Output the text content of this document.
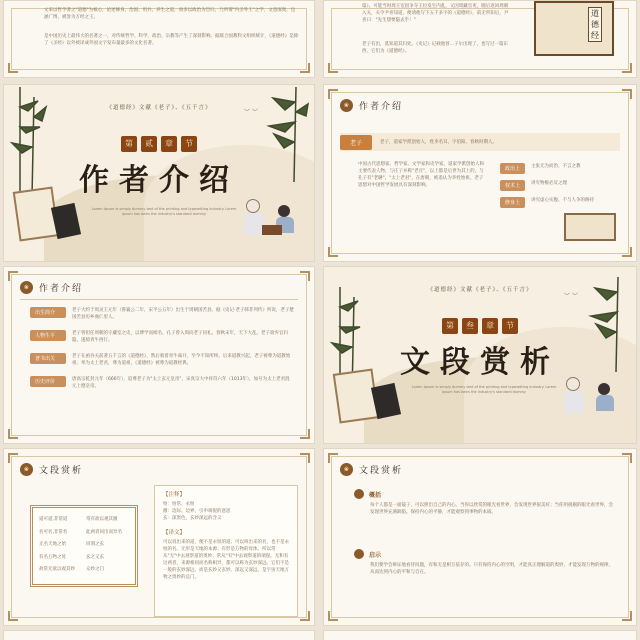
文采以哲学著之"道德"为核心，论述修身、治国、用兵、养生之道，而多以政治为旨归，乃所谓"内圣外王"之学，文意深奥，包涵广博，被誉为万经之王。
是中国历史上最伟大的名著之一，对传统哲学、科学、政治、宗教等产生了深刻影响。据联合国教科文组织统计，《道德经》是除了《圣经》以外被译成外国文字发布量最多的文化名著。
篇》。可能当时周王室因争夺王位发生内乱，又因周藏官吏，随后返回周朝入关，关令尹喜知道，便请他写下五千多字的《道德经》，前无所知后，尹喜曰："先生想要隐去乎！"
老子有出，莫知道其归处。《史记》记载他曾...子尔出现了，也写过一篇东西，它们为《道德经》。
道德经
︶ ︶
《道德经》文献《老子》、《五千言》
第 贰 章 节
作者介绍
Lorem Ipsum is simply dummy text of the printing and typesetting industry. Lorem Ipsum has been the industry's standard dummy
❀	作者介绍
老子	老子，道家学派创始人，姓李名耳，字伯阳，春秋时期人。
中国古代思想家、哲学家、文学家和史学家，道家学派创始人和主要代表人物，与庄子并称"老庄"，以上都是后世为其上的，与孔子有"老聃"，"太上老君"。在唐朝，被追认为李姓始祖。老子思想对中国哲学发展具有深刻影响。
政治上	主张无为而治、不言之教
权术上	讲究物极必反之理
修身上	讲究虚心实腹、不与人争的修持
❀	作者介绍
出生简介	老子大约于周灵王元年（鲁襄公二年，宋平公五年）出生于周朝国苦县。据《史记·老子韩非列传》所说，老子楚国苦县厉乡曲仁里人。
人物生平	老子曾担任周朝的守藏室之史，以博学而闻名。孔子曾入周向老子问礼。春秋末年，天下大乱，老子欲弃官归隐，遂骑青牛西行。
著书出关	老子在函谷关前著五千言的《道德经》，然后骑着青牛离开，至今不知所终。后来道教兴起，老子被尊为道教始祖，奉为太上老君，尊为道祖，《道德经》被尊为道教经典。
历史评价	唐高宗乾封元年（666年），追尊老子为"太上玄元皇帝"，宋真宗大中祥符六年（1013年），加号为太上老君混元上德皇帝。
︶ ︶
《道德经》文献《老子》、《五千言》
第 叁 章 节
文段赏析
Lorem Ipsum is simply dummy text of the printing and typesetting industry. Lorem Ipsum has been the industry's standard dummy
❀	文段赏析
道可道,非常道	常有欲以观其徼
名可名,非常名	此两者同出而异名
无名天地之始	同谓之玄
有名万物之母	玄之又玄
故常无欲以观其妙	众妙之门
【注释】
恒：恒常、永恒
徼：边际、边界，引申端倪的意思
玄：深黑色，玄妙深远的含义
【译文】
可以说出来的道，便不是永恒的道；可以叫出来的名，也不是永恒的名。无形是天地的本源；有形是万物的母体。所以常从"无"中去观察道的奥妙；常从"有"中去观察道的端倪。无和有这两者，来源相同而名称相异，都可以称为玄妙深远。它们不是一般的玄妙深远，而是玄妙又玄妙、深远又深远，是宇宙天地万物之奥妙的总门。
❀	文段赏析
概括
每个人都是一面镜子，可以照出自己的内心。当你以欣赏的眼光看世界，会发现世界很美好；当你用挑剔的眼光看世界，会发现世界充满缺陷。保持内心的平静，才能观察到事物的本质。
启示
我们要学会辩证地看待问题，有和无是相互依存的。只有保持内心的空明，才能真正理解道的奥妙，才能发现万物的规律，从而达到内心的平和与自在。
